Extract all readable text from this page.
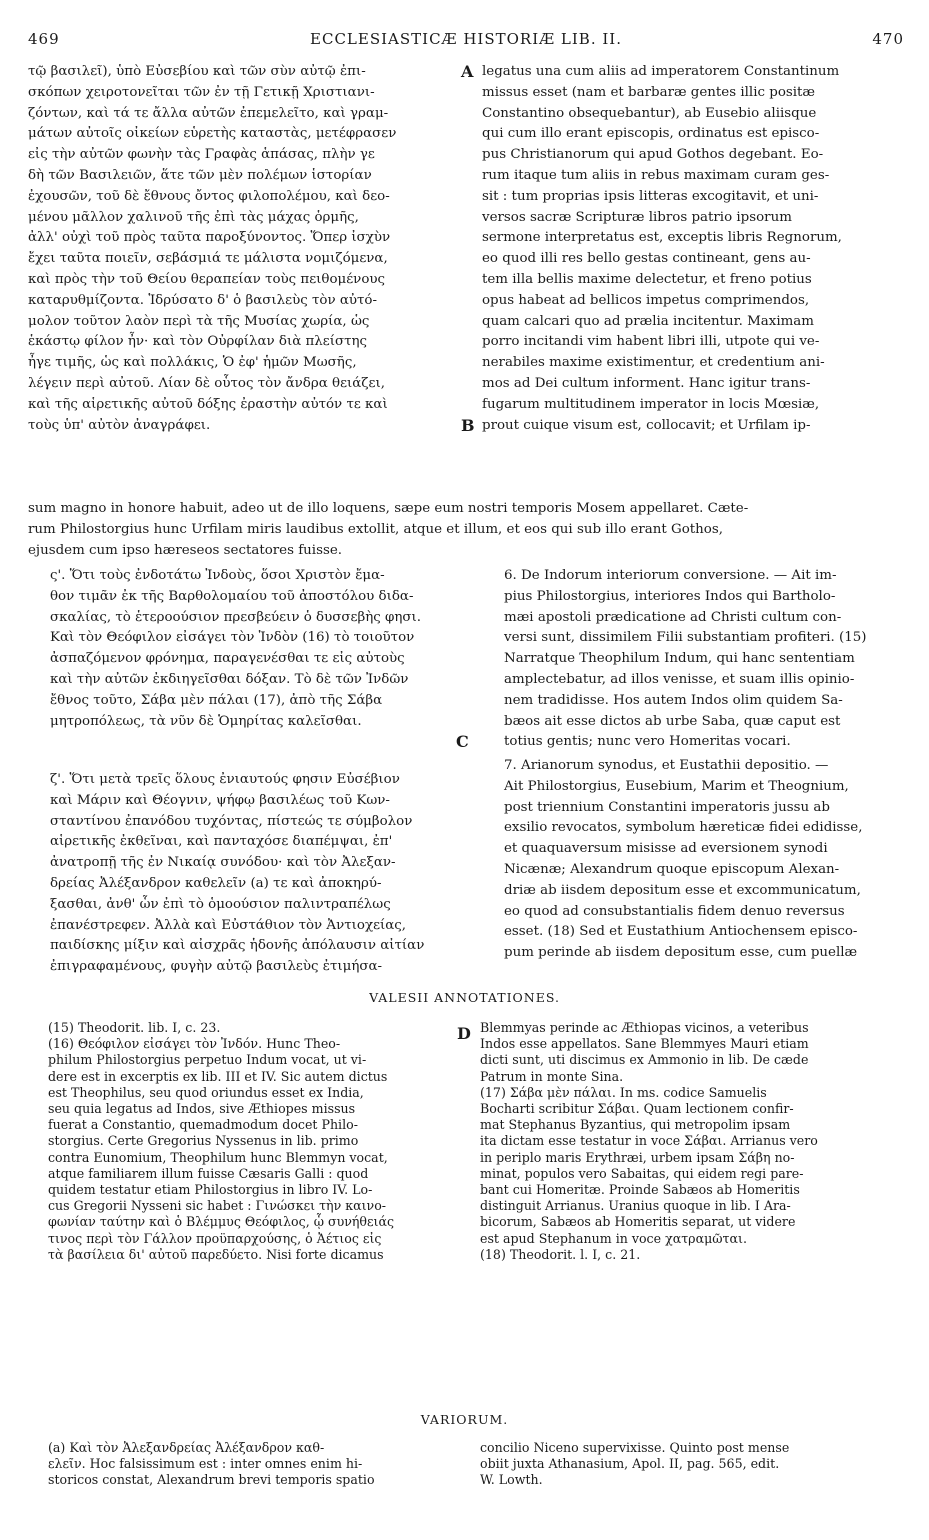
469	ECCLESIASTICÆ HISTORIÆ LIB. II.	470
τῷ βασιλεῖ), ὑπὸ Εὐσεβίου καὶ τῶν σὺν αὐτῷ ἐπι-
σκόπων χειροτονεῖται τῶν ἐν τῇ Γετικῇ Χριστιανι-
ζόντων, καὶ τά τε ἄλλα αὐτῶν ἐπεμελεῖτο, καὶ γραμ-
μάτων αὐτοῖς οἰκείων εὑρετὴς καταστὰς, μετέφρασεν
εἰς τὴν αὐτῶν φωνὴν τὰς Γραφὰς ἁπάσας, πλὴν γε
δὴ τῶν Βασιλειῶν, ἅτε τῶν μὲν πολέμων ἱστορίαν
ἐχουσῶν, τοῦ δὲ ἔθνους ὄντος φιλοπολέμου, καὶ δεο-
μένου μᾶλλον χαλινοῦ τῆς ἐπὶ τὰς μάχας ὁρμῆς,
ἀλλ' οὐχὶ τοῦ πρὸς ταῦτα παροξύνοντος. Ὅπερ ἰσχὺν
ἔχει ταῦτα ποιεῖν, σεβάσμιά τε μάλιστα νομιζόμενα,
καὶ πρὸς τὴν τοῦ Θείου θεραπείαν τοὺς πειθομένους
καταρυθμίζοντα. Ἱδρύσατο δ' ὁ βασιλεὺς τὸν αὐτό-
μολον τοῦτον λαὸν περὶ τὰ τῆς Μυσίας χωρία, ὡς
ἑκάστῳ φίλον ἦν· καὶ τὸν Οὐρφίλαν διὰ πλείστης
ἦγε τιμῆς, ὡς καὶ πολλάκις, Ὁ ἐφ' ἡμῶν Μωσῆς,
λέγειν περὶ αὐτοῦ. Λίαν δὲ οὗτος τὸν ἄνδρα θειάζει,
καὶ τῆς αἱρετικῆς αὐτοῦ δόξης ἐραστὴν αὐτόν τε καὶ
τοὺς ὑπ' αὐτὸν ἀναγράφει.
A legatus una cum aliis ad imperatorem Constantinum
missus esset (nam et barbaræ gentes illic positæ
Constantino obsequebantur), ab Eusebio aliisque
qui cum illo erant episcopis, ordinatus est episco-
pus Christianorum qui apud Gothos degebant. Eo-
rum itaque tum aliis in rebus maximam curam ges-
sit : tum proprias ipsis litteras excogitavit, et uni-
versos sacræ Scripturæ libros patrio ipsorum
sermone interpretatus est, exceptis libris Regnorum,
eo quod illi res bello gestas contineant, gens au-
tem illa bellis maxime delectetur, et freno potius
opus habeat ad bellicos impetus comprimendos,
quam calcari quo ad prælia incitentur. Maximam
porro incitandi vim habent libri illi, utpote qui ve-
nerabiles maxime existimentur, et credentium ani-
mos ad Dei cultum informent. Hanc igitur trans-
fugarum multitudinem imperator in locis Mœsiæ,
prout cuique visum est, collocavit; et Urfilam ip-
B
sum magno in honore habuit, adeo ut de illo loquens, sæpe eum nostri temporis Mosem appellaret. Cæte-
rum Philostorgius hunc Urfilam miris laudibus extollit, atque et illum, et eos qui sub illo erant Gothos,
ejusdem cum ipso hæreseos sectatores fuisse.
ς'. Ὅτι τοὺς ἐνδοτάτω Ἰνδοὺς, ὅσοι Χριστὸν ἔμα-
θον τιμᾶν ἐκ τῆς Βαρθολομαίου τοῦ ἀποστόλου διδα-
σκαλίας, τὸ ἑτεροούσιον πρεσβεύειν ὁ δυσσεβὴς φησι.
Καὶ τὸν Θεόφιλον εἰσάγει τὸν Ἰνδὸν (16) τὸ τοιοῦτον
ἀσπαζόμενον φρόνημα, παραγενέσθαι τε εἰς αὐτοὺς
καὶ τὴν αὐτῶν ἐκδιηγεῖσθαι δόξαν. Τὸ δὲ τῶν Ἰνδῶν
ἔθνος τοῦτο, Σάβα μὲν πάλαι (17), ἀπὸ τῆς Σάβα
μητροπόλεως, τὰ νῦν δὲ Ὁμηρίτας καλεῖσθαι.
6. De Indorum interiorum conversione. — Ait im-
pius Philostorgius, interiores Indos qui Bartholo-
mæi apostoli prædicatione ad Christi cultum con-
versi sunt, dissimilem Filii substantiam profiteri. (15)
Narratque Theophilum Indum, qui hanc sententiam
amplectebatur, ad illos venisse, et suam illis opinio-
nem tradidisse. Hos autem Indos olim quidem Sa-
bæos ait esse dictos ab urbe Saba, quæ caput est
totius gentis; nunc vero Homeritas vocari.
C
ζ'. Ὅτι μετὰ τρεῖς ὅλους ἐνιαυτούς φησιν Εὐσέβιον
καὶ Μάριν καὶ Θέογνιν, ψήφῳ βασιλέως τοῦ Κων-
σταντίνου ἐπανόδου τυχόντας, πίστεώς τε σύμβολον
αἱρετικῆς ἐκθεῖναι, καὶ πανταχόσε διαπέμψαι, ἐπ'
ἀνατροπῇ τῆς ἐν Νικαίᾳ συνόδου· καὶ τὸν Ἀλεξαν-
δρείας Ἀλέξανδρον καθελεῖν (a) τε καὶ ἀποκηρύ-
ξασθαι, ἀνθ' ὧν ἐπὶ τὸ ὁμοούσιον παλιντραπέλως
ἐπανέστρεφεν. Ἀλλὰ καὶ Εὐστάθιον τὸν Ἀντιοχείας,
παιδίσκης μίξιν καὶ αἰσχρᾶς ἡδονῆς ἀπόλαυσιν αἰτίαν
ἐπιγραφαμένους, φυγὴν αὐτῷ βασιλεὺς ἐτιμήσα-
7. Arianorum synodus, et Eustathii depositio. —
Ait Philostorgius, Eusebium, Marim et Theognium,
post triennium Constantini imperatoris jussu ab
exsilio revocatos, symbolum hæreticæ fidei edidisse,
et quaquaversum misisse ad eversionem synodi
Nicænæ; Alexandrum quoque episcopum Alexan-
driæ ab iisdem depositum esse et excommunicatum,
eo quod ad consubstantialis fidem denuo reversus
esset. (18) Sed et Eustathium Antiochensem episco-
pum perinde ab iisdem depositum esse, cum puellæ
VALESII ANNOTATIONES.
(15) Theodorit. lib. I, c. 23.
(16) Θεόφιλον εἰσάγει τὸν Ἰνδόν. Hunc Theo-
philum Philostorgius perpetuo Indum vocat, ut vi-
dere est in excerptis ex lib. III et IV. Sic autem dictus
est Theophilus, seu quod oriundus esset ex India,
seu quia legatus ad Indos, sive Æthiopes missus
fuerat a Constantio, quemadmodum docet Philo-
storgius. Certe Gregorius Nyssenus in lib. primo
contra Eunomium, Theophilum hunc Blemmyn vocat,
atque familiarem illum fuisse Cæsaris Galli : quod
quidem testatur etiam Philostorgius in libro IV. Lo-
cus Gregorii Nysseni sic habet : Γινώσκει τὴν καινο-
φωνίαν ταύτην καὶ ὁ Βλέμμυς Θεόφιλος, ᾧ συνήθειάς
τινος περὶ τὸν Γάλλον προϋπαρχούσης, ὁ Ἀέτιος εἰς
τὰ βασίλεια δι' αὐτοῦ παρεδύετο. Nisi forte dicamus
D Blemmyas perinde ac Æthiopas vicinos, a veteribus
Indos esse appellatos. Sane Blemmyes Mauri etiam
dicti sunt, uti discimus ex Ammonio in lib. De cæde
Patrum in monte Sina.
(17) Σάβα μὲν πάλαι. In ms. codice Samuelis
Bocharti scribitur Σάβαι. Quam lectionem confir-
mat Stephanus Byzantius, qui metropolim ipsam
ita dictam esse testatur in voce Σάβαι. Arrianus vero
in periplo maris Erythræi, urbem ipsam Σάβη no-
minat, populos vero Sabaitas, qui eidem regi pare-
bant cui Homeritæ. Proinde Sabæos ab Homeritis
distinguit Arrianus. Uranius quoque in lib. I Ara-
bicorum, Sabæos ab Homeritis separat, ut videre
est apud Stephanum in voce χατραμῶται.
(18) Theodorit. l. I, c. 21.
VARIORUM.
(a) Καὶ τὸν Ἀλεξανδρείας Ἀλέξανδρον καθ-
ελεῖν. Hoc falsissimum est : inter omnes enim hi-
storicos constat, Alexandrum brevi temporis spatio
concilio Niceno supervixisse. Quinto post mense
obiit juxta Athanasium, Apol. II, pag. 565, edit.
W. Lowth.
